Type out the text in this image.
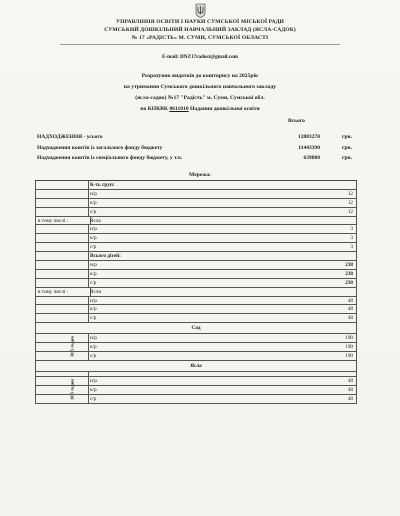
УПРАВЛІННЯ ОСВІТИ І НАУКИ СУМСЬКОЇ МІСЬКОЇ РАДИ
СУМСЬКИЙ ДОШКІЛЬНИЙ НАВЧАЛЬНИЙ ЗАКЛАД (ЯСЛА-САДОК)
№ 17 «РАДІСТЬ» М. СУМИ, СУМСЬКОЇ ОБЛАСТІ
E-mail: DNZ17radost@gmail.com
Розрахунок видатків до кошторису на 2025рік
на утримання Сумського дошкільного навчального закладу
(ясла-садок) №17 "Радість" м. Суми, Сумської обл.
по КПКВК 0611010 Надання дошкільної освіти
Всього
НАДХОДЖЕННЯ - усього	12083270	грн.
Надходження коштів із загального фонду бюджету	11443390	грн.
Надходження коштів із спеціального фонду бюджету, у т.ч.	639880	грн.
Мережа:
К-ть груп:
н/р	12
к/р	12
с/р	12
в тому числі :	Ясла
н/р	3
к/р	3
с/р	3
Всього дітей:
н/р	238
к/р	238
с/р	238
в тому числі :	Ясли
н/р	48
к/р	48
с/р	48
Сад
10,5 годин	н/р	190
к/р	190
с/р	190
Ясла
10,5 годин	н/р	48
к/р	48
с/р	48
